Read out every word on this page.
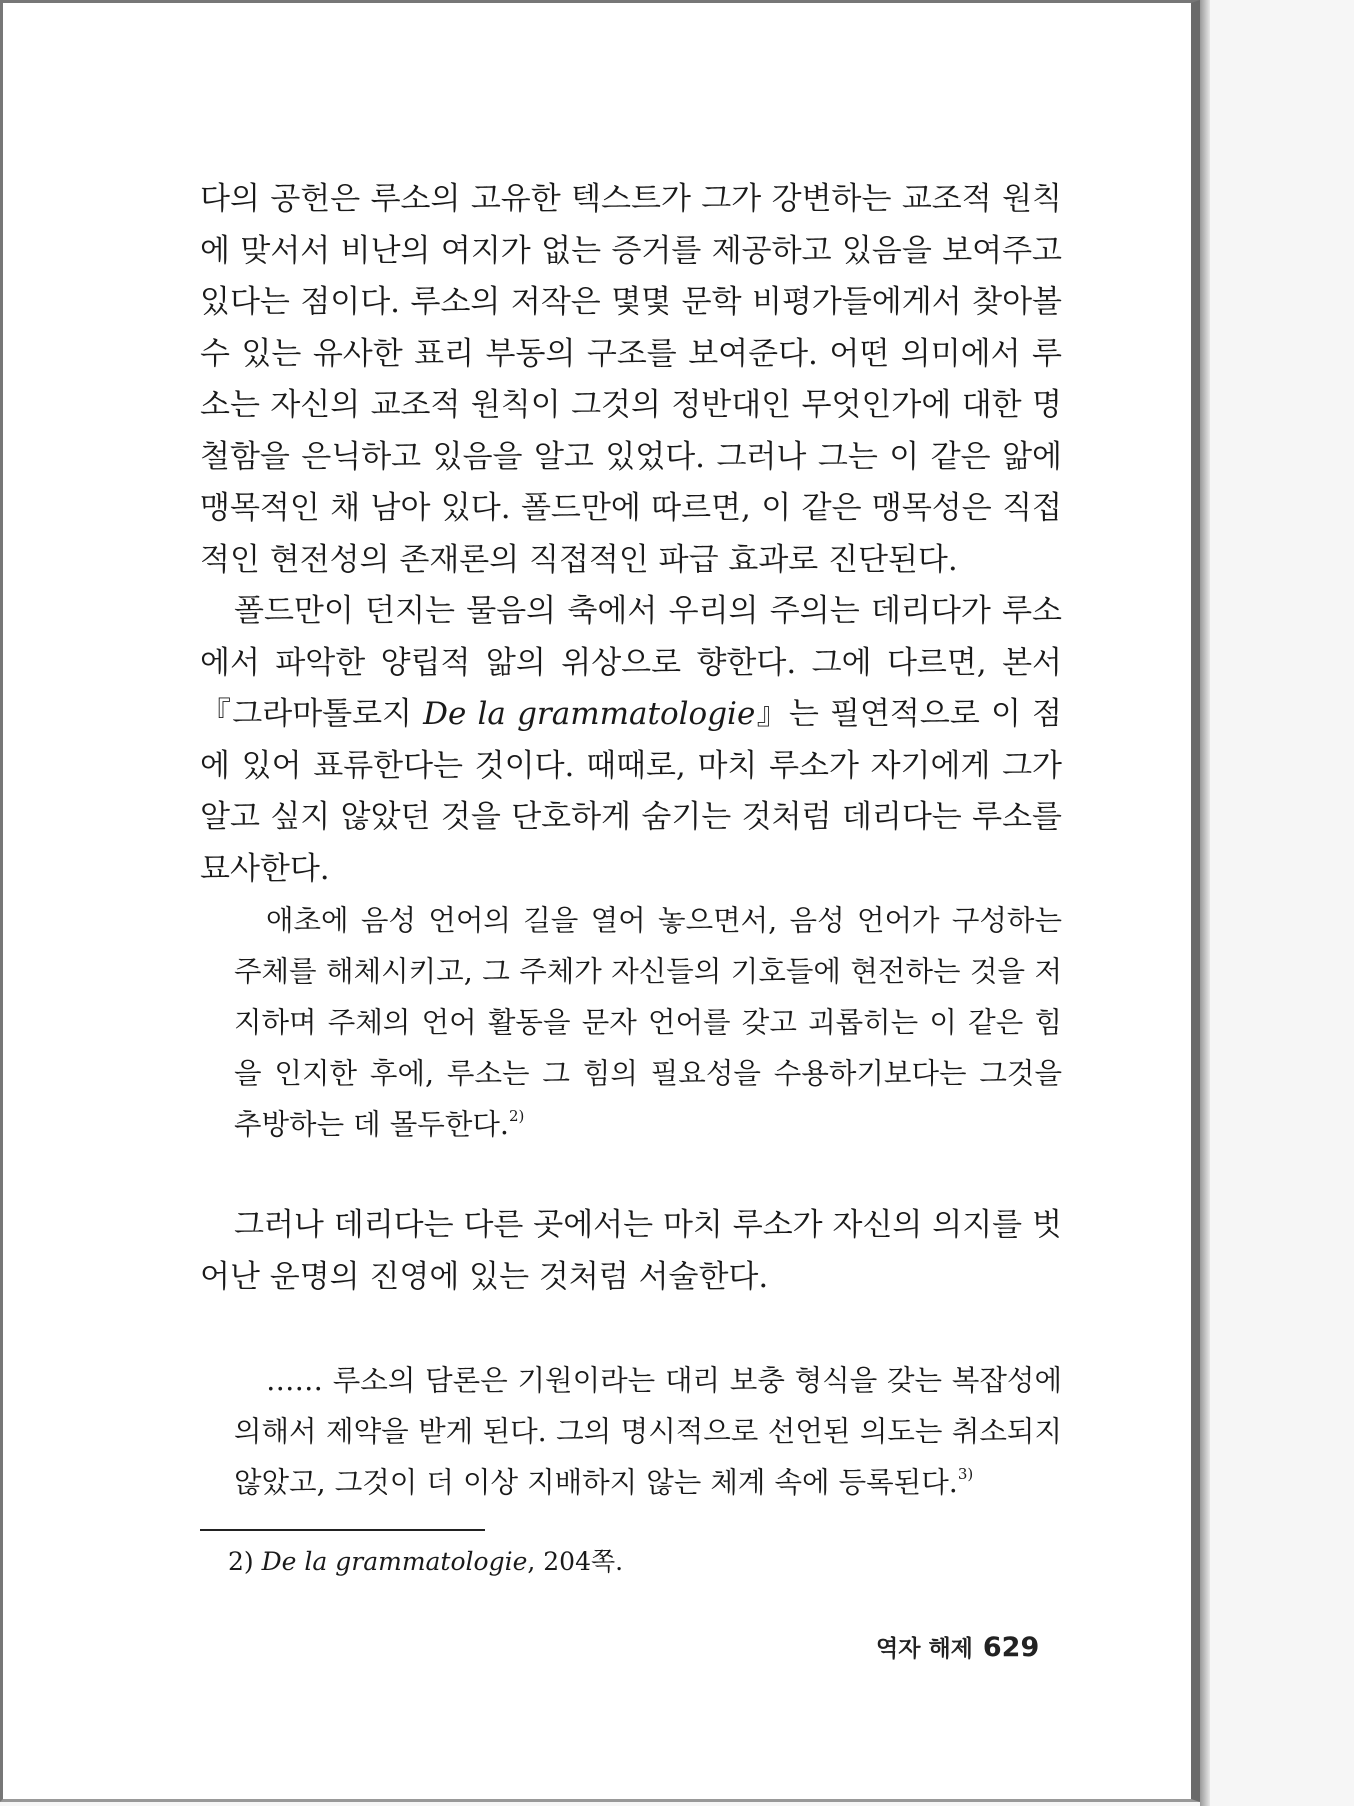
다의 공헌은 루소의 고유한 텍스트가 그가 강변하는 교조적 원칙에 맞서서 비난의 여지가 없는 증거를 제공하고 있음을 보여주고 있다는 점이다. 루소의 저작은 몇몇 문학 비평가들에게서 찾아볼 수 있는 유사한 표리 부동의 구조를 보여준다. 어떤 의미에서 루소는 자신의 교조적 원칙이 그것의 정반대인 무엇인가에 대한 명철함을 은닉하고 있음을 알고 있었다. 그러나 그는 이 같은 앎에 맹목적인 채 남아 있다. 폴드만에 따르면, 이 같은 맹목성은 직접적인 현전성의 존재론의 직접적인 파급 효과로 진단된다.

폴드만이 던지는 물음의 축에서 우리의 주의는 데리다가 루소에서 파악한 양립적 앎의 위상으로 향한다. 그에 다르면, 본서 『그라마톨로지 De la grammatologie』는 필연적으로 이 점에 있어 표류한다는 것이다. 때때로, 마치 루소가 자기에게 그가 알고 싶지 않았던 것을 단호하게 숨기는 것처럼 데리다는 루소를 묘사한다.

애초에 음성 언어의 길을 열어 놓으면서, 음성 언어가 구성하는 주체를 해체시키고, 그 주체가 자신들의 기호들에 현전하는 것을 저지하며 주체의 언어 활동을 문자 언어를 갖고 괴롭히는 이 같은 힘을 인지한 후에, 루소는 그 힘의 필요성을 수용하기보다는 그것을 추방하는 데 몰두한다.$^{2)}$

그러나 데리다는 다른 곳에서는 마치 루소가 자신의 의지를 벗어난 운명의 진영에 있는 것처럼 서술한다.

…… 루소의 담론은 기원이라는 대리 보충 형식을 갖는 복잡성에 의해서 제약을 받게 된다. 그의 명시적으로 선언된 의도는 취소되지 않았고, 그것이 더 이상 지배하지 않는 체계 속에 등록된다.$^{3)}$

2) De la grammatologie, 204쪽.
역자 해제 629
